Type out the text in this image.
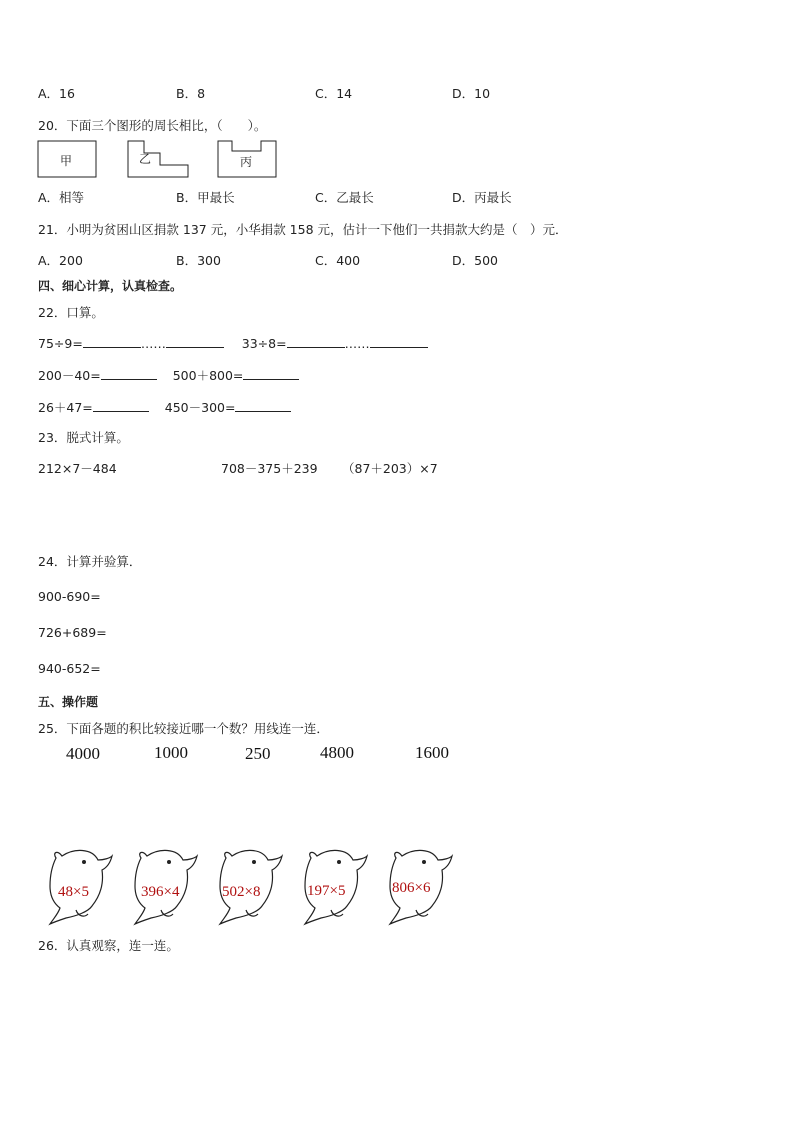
A．16	B．8	C．14	D．10
20．下面三个图形的周长相比，（　　）。
甲	乙	丙
A．相等	B．甲最长	C．乙最长	D．丙最长
21．小明为贫困山区捐款 137 元，小华捐款 158 元，估计一下他们一共捐款大约是（　）元．
A．200	B．300	C．400	D．500
四、细心计算，认真检查。
22．口算。
75÷9=	……	33÷8=	……
200－40=	500＋800=
26＋47=	450－300=
23．脱式计算。
212×7－484	708－375＋239 （87＋203）×7
24．计算并验算．
900-690=
726+689=
940-652=
五、操作题
25．下面各题的积比较接近哪一个数？用线连一连．
4000	1000	250	4800	1600
48×5	396×4	502×8	197×5	806×6
26．认真观察，连一连。
